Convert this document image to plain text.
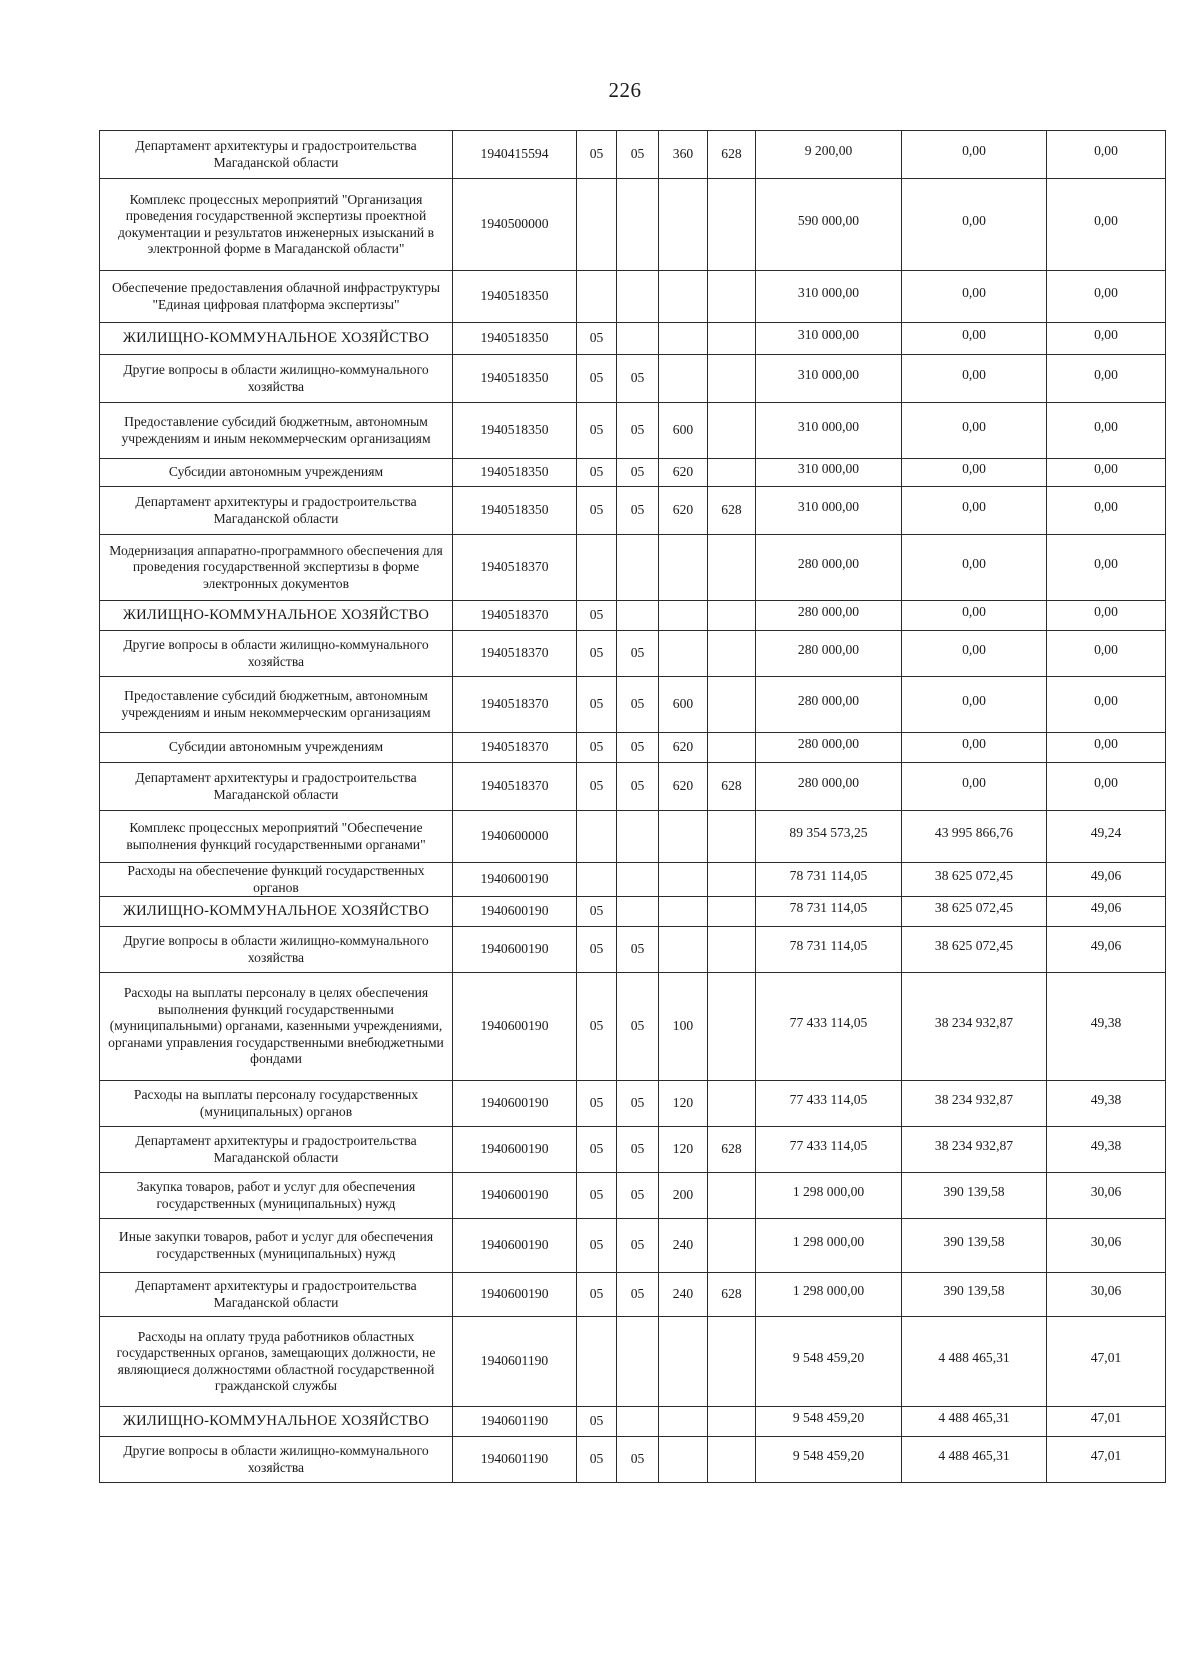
226
Департамент архитектуры и градостроительства Магаданской области	1940415594	05	05	360	628	9 200,00	0,00	0,00
Комплекс процессных мероприятий "Организация проведения государственной экспертизы проектной документации и результатов инженерных изысканий в электронной форме в Магаданской области"	1940500000					590 000,00	0,00	0,00
Обеспечение предоставления облачной инфраструктуры "Единая цифровая платформа экспертизы"	1940518350					310 000,00	0,00	0,00
ЖИЛИЩНО-КОММУНАЛЬНОЕ ХОЗЯЙСТВО	1940518350	05				310 000,00	0,00	0,00
Другие вопросы в области жилищно-коммунального хозяйства	1940518350	05	05			310 000,00	0,00	0,00
Предоставление субсидий бюджетным, автономным учреждениям и иным некоммерческим организациям	1940518350	05	05	600		310 000,00	0,00	0,00
Субсидии автономным учреждениям	1940518350	05	05	620		310 000,00	0,00	0,00
Департамент архитектуры и градостроительства Магаданской области	1940518350	05	05	620	628	310 000,00	0,00	0,00
Модернизация аппаратно-программного обеспечения для проведения государственной экспертизы в форме электронных документов	1940518370					280 000,00	0,00	0,00
ЖИЛИЩНО-КОММУНАЛЬНОЕ ХОЗЯЙСТВО	1940518370	05				280 000,00	0,00	0,00
Другие вопросы в области жилищно-коммунального хозяйства	1940518370	05	05			280 000,00	0,00	0,00
Предоставление субсидий бюджетным, автономным учреждениям и иным некоммерческим организациям	1940518370	05	05	600		280 000,00	0,00	0,00
Субсидии автономным учреждениям	1940518370	05	05	620		280 000,00	0,00	0,00
Департамент архитектуры и градостроительства Магаданской области	1940518370	05	05	620	628	280 000,00	0,00	0,00
Комплекс процессных мероприятий "Обеспечение выполнения функций государственными органами"	1940600000					89 354 573,25	43 995 866,76	49,24
Расходы на обеспечение функций государственных органов	1940600190					78 731 114,05	38 625 072,45	49,06
ЖИЛИЩНО-КОММУНАЛЬНОЕ ХОЗЯЙСТВО	1940600190	05				78 731 114,05	38 625 072,45	49,06
Другие вопросы в области жилищно-коммунального хозяйства	1940600190	05	05			78 731 114,05	38 625 072,45	49,06
Расходы на выплаты персоналу в целях обеспечения выполнения функций государственными (муниципальными) органами, казенными учреждениями, органами управления государственными внебюджетными фондами	1940600190	05	05	100		77 433 114,05	38 234 932,87	49,38
Расходы на выплаты персоналу государственных (муниципальных) органов	1940600190	05	05	120		77 433 114,05	38 234 932,87	49,38
Департамент архитектуры и градостроительства Магаданской области	1940600190	05	05	120	628	77 433 114,05	38 234 932,87	49,38
Закупка товаров, работ и услуг для обеспечения государственных (муниципальных) нужд	1940600190	05	05	200		1 298 000,00	390 139,58	30,06
Иные закупки товаров, работ и услуг для обеспечения государственных (муниципальных) нужд	1940600190	05	05	240		1 298 000,00	390 139,58	30,06
Департамент архитектуры и градостроительства Магаданской области	1940600190	05	05	240	628	1 298 000,00	390 139,58	30,06
Расходы на оплату труда работников областных государственных органов, замещающих должности, не являющиеся должностями областной государственной гражданской службы	1940601190					9 548 459,20	4 488 465,31	47,01
ЖИЛИЩНО-КОММУНАЛЬНОЕ ХОЗЯЙСТВО	1940601190	05				9 548 459,20	4 488 465,31	47,01
Другие вопросы в области жилищно-коммунального хозяйства	1940601190	05	05			9 548 459,20	4 488 465,31	47,01
